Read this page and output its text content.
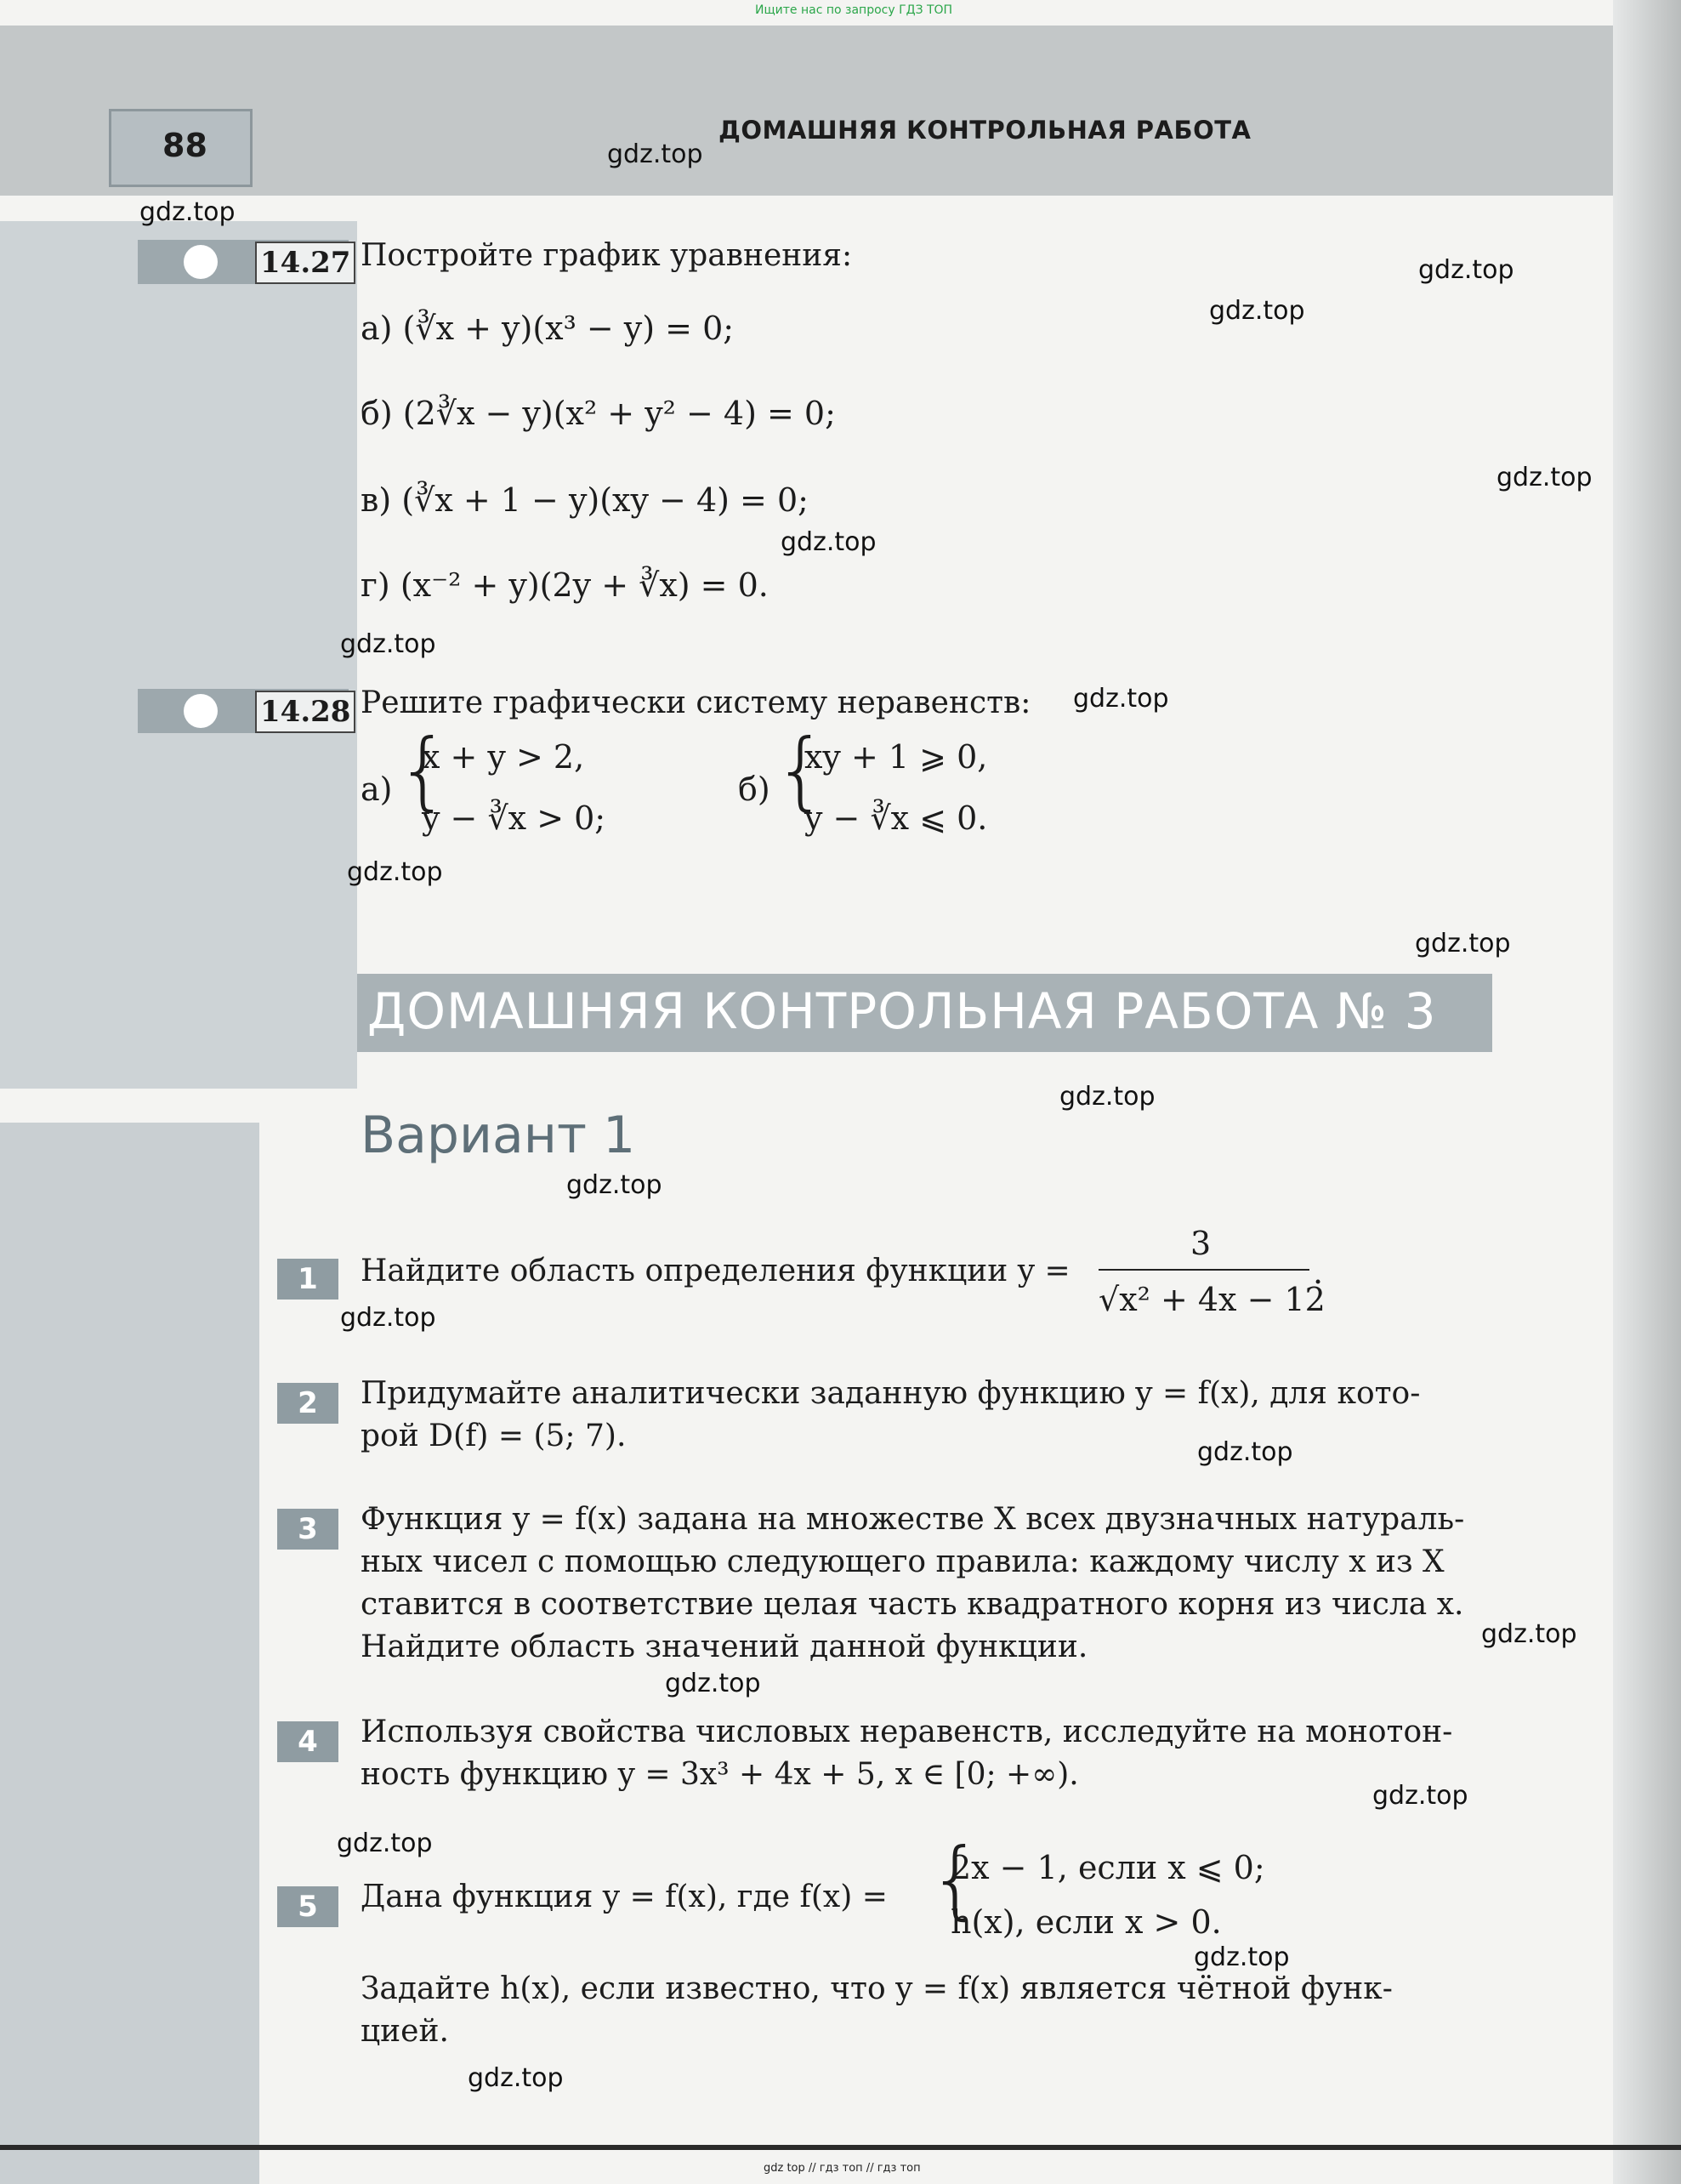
Ищите нас по запросу ГДЗ ТОП
88	ДОМАШНЯЯ КОНТРОЛЬНАЯ РАБОТА
14.27 Постройте график уравнения:
а) (∛x + y)(x³ − y) = 0;
б) (2∛x − y)(x² + y² − 4) = 0;
в) (∛x + 1 − y)(xy − 4) = 0;
г) (x⁻² + y)(2y + ∛x) = 0.
14.28 Решите графически систему неравенств:
а) {
x + y > 2,
y − ∛x > 0;
б) {
xy + 1 ⩾ 0,
y − ∛x ⩽ 0.
ДОМАШНЯЯ КОНТРОЛЬНАЯ РАБОТА № 3
Вариант 1
1	Найдите область определения функции y =
3
√x² + 4x − 12
.
2	Придумайте аналитически заданную функцию y = f(x), для кото-
рой D(f) = (5; 7).
3	Функция y = f(x) задана на множестве X всех двузначных натураль-
ных чисел с помощью следующего правила: каждому числу x из X
ставится в соответствие целая часть квадратного корня из числа x.
Найдите область значений данной функции.
4	Используя свойства числовых неравенств, исследуйте на монотон-
ность функцию y = 3x³ + 4x + 5, x ∈ [0; +∞).
5	Дана функция y = f(x), где f(x) = {
2x − 1, если x ⩽ 0;
h(x), если x > 0.
Задайте h(x), если известно, что y = f(x) является чётной функ-
цией.
gdz.top
gdz.top
gdz.top
gdz.top
gdz.top
gdz.top
gdz.top
gdz.top
gdz.top
gdz.top
gdz.top
gdz.top
gdz.top
gdz.top
gdz.top
gdz.top
gdz.top
gdz.top
gdz.top
gdz.top
gdz top // гдз топ // гдз топ
